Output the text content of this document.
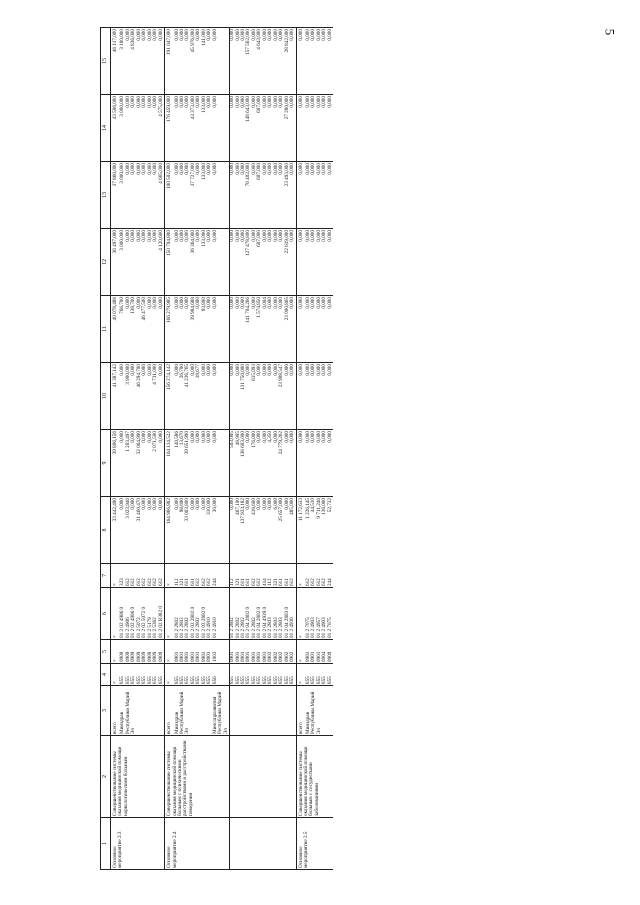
5
1	2	3	4	5	6	7	8	9	10	11	12	13	14	15
Основное мероприятие 2.3	Совершенствование системы оказания медицинской помощи наркологическим больным	всего	×	×	×	×	33 442,400	39 806,156	41 387,142	40 078,488	36 497,000	37 860,000	43 506,000	46 117,000
		Минздрав Республики Марий Эл	855	0909	01 2 02 4906 0	323	0,000	0,000	0,000	766,700	3 000,000	3 000,000	3 000,000	3 180,000
			855	0909	01 2 4906	612	3 023,946	1 203,497	3 900,000	0,000	0,000	0,000	0,000	0,000
			855	0909	01 2 02 4906 0	612	0,000	0,000	0,000	138,700	0,000	0,000	0,000	4 836,000
			855	0909	01 2 5072	612	31 460,470	32 064,990	46 294,700	0,000	0,000	0,000	0,000	0,000
			855	0909	01 2 02 5072 0	612	0,000	0,000	0,000	46 477,500	0,000	0,000	0,000	6,000
			855	0909	01 2 5179	612	0,000	0,000	0,000	0,000	0,000	0,000	0,000	0,000
			855	0909	01 2 5382	612	0,000	2 071,500	4 731,000	0,000	0,000	0,000	0,000	0,000
			855	0909	01 2 02 R382 0	612	0,000	0,000	0,000	0,000	4 120,600	4 665,000	4 575,000	0,000
Основное мероприятие 2.4	Совершенствование системы оказания медицинской помощи больным с психическими расстройствами и расстройствами поведения	всего	×	×	×	×	164 966,882	164 114,522	156 274,142	166 279,985	150 704,800	100 502,000	176 459,000	191 047,000
		Минздрав Республики Марий Эл	855	0901	01 2 2802	112	0,000	140,586	0,000	0,000	0,000	0,000	0,000	0,000
			855	0901	01 2 2802	321	98,690	13,670	26,700	0,000	0,000	0,000	0,000	0,000
			855	0901	01 2 2802	611	33 003,800	39 651,990	41 236,765	0,000	0,000	0,000	0,000	0,000
			855	0901	01 2 03 2802 0	611	0,000	0,000	0,000	39 984,688	36 364,000	37 727,000	43 373,000	45 976,000
			855	0901	01 2 2802	612	0,000	0,000	18,677	0,000	0,000	0,000	0,000	0,000
			855	0901	01 2 03 2802 0	612	0,000	0,000	0,000	93,800	133,000	133,000	133,000	141,000
			855	0901	01 2 4910	612	310,000	0,000	0,000	0,000	0,000	0,000	0,000	0,000
		Минсоцразвития Республики Марий Эл	856	1003	01 2 4910	244	30,000	0,000	0,000	0,000	0,000	0,000	0,000	0,000
			855	0901	01 2 2802	112	0,000	503,005	0,000	0,000	0,000	0,000	0,000	0,000
			855	0901	01 2 2802	321	467,100	48,905	0,000	0,000	0,000	0,000	0,000	0,000
			855	0901	01 2 2802	611	137 933,182	138 603,000	131 750,000	0,000	0,000	0,000	0,000	0,000
			855	0901	01 2 04 2802 0	611	0,000	0,000	0,000	141 704,266	127 478,800	76 402,000	148 643,000	157 562,000
			855	0901	01 2 2802	612	418,600	176,000	615,093	0,000	0,000	0,000	0,000	0,000
			855	0901	01 2 04 2802 0	612	0,000	0,000	0,000	1 574,850	607,000	607,000	607,000	4 643,000
			855	0901	01 2 04 4939 0	414	0,000	0,000	0,000	0,004	0,000	0,000	0,000	0,000
			855	0902	01 2 2803	112	0,000	4,350	0,000	0,000	0,000	0,000	0,000	0,000
			855	0902	01 2 2803	321	6,000	0,000	0,000	0,000	0,000	0,000	0,000	0,000
			855	0902	01 2 2803	611	25 657,000	24 779,262	23 908,547	0,000	0,000	0,000	0,000	0,000
			855	0902	01 2 04 2803 0	611	0,000	0,000	0,000	23 000,865	22 619,000	23 493,000	27 280,000	28 842,000
			855	0902	01 2 4936	612	485,000	0,000	0,000	0,000	0,000	0,000	0,000	0,000
Основное мероприятие 2.5	Совершенствование системы оказания медицинской помощи больным с сосудистыми заболеваниями	всего	×	×	×	×	11 172,633	0,000	0,000	0,000	0,000	0,000	0,000	0,000
		Минздрав Республики Марий Эл	855	0901	01 2 7075	612	1 226,145	0,000	0,000	0,000	0,000	0,000	0,000	0,000
			855	0901	01 2 4903	612	44,510	0,000	0,000	0,000	0,000	0,000	0,000	0,000
			855	0901	01 2 4957	612	9 711,246	0,000	0,000	0,000	0,000	0,000	0,000	0,000
			855	0904	01 2 4903	612	138,000	0,000	0,000	0,000	0,000	0,000	0,000	0,000
			855	0909	01 2 7075	244	52,732	0,000	0,000	0,000	0,000	0,000	0,000	0,000
